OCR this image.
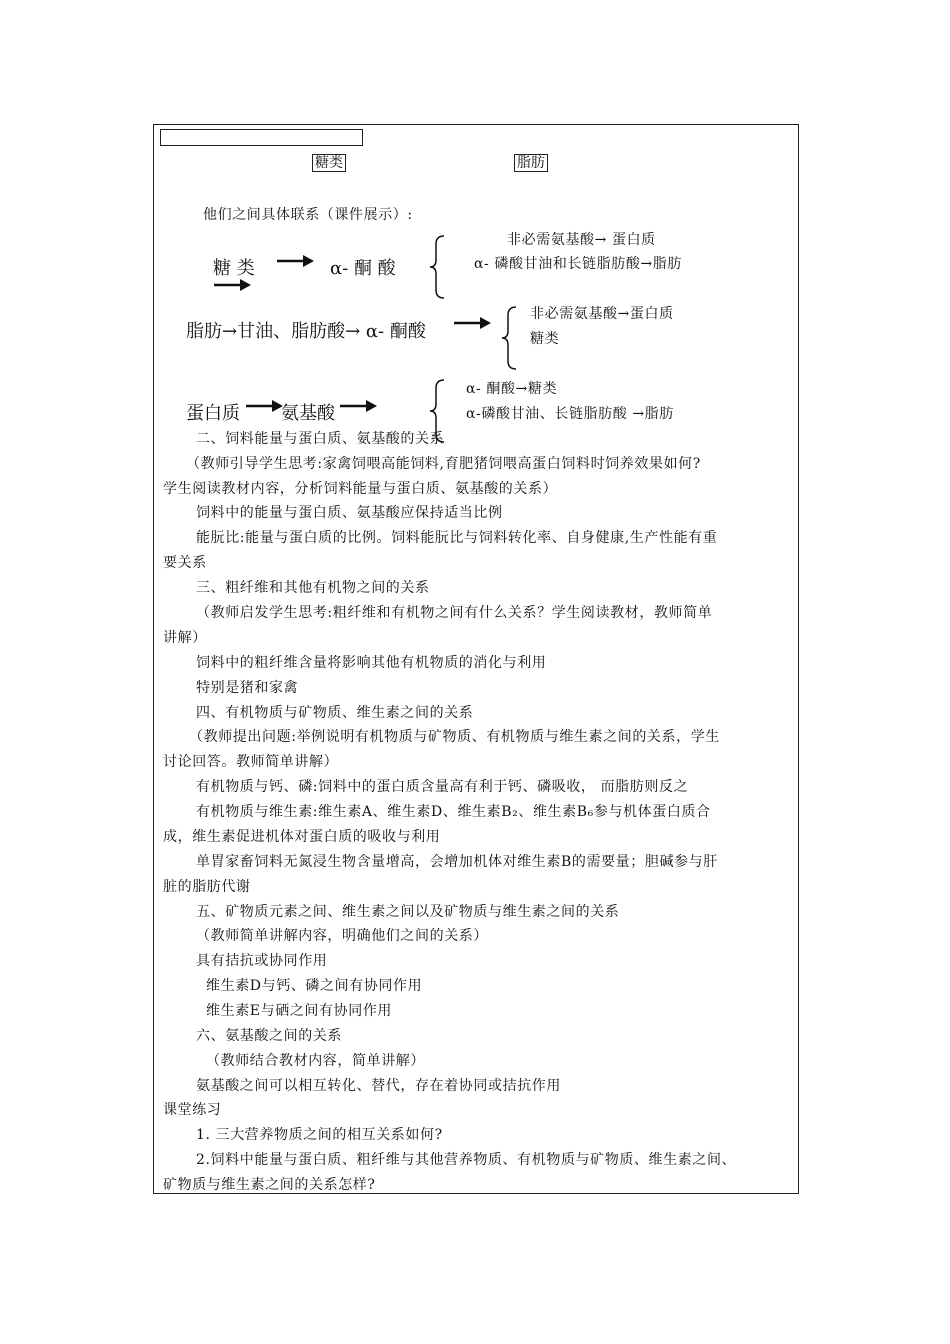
糖类	脂肪
他们之间具体联系（课件展示）:
糖 类	α- 酮 酸
非必需氨基酸→ 蛋白质
α- 磷酸甘油和长链脂肪酸→脂肪
脂肪→甘油、脂肪酸→ α- 酮酸
非必需氨基酸→蛋白质
糖类
蛋白质 氨基酸
α- 酮酸→糖类
α-磷酸甘油、长链脂肪酸 →脂肪
二、饲料能量与蛋白质、氨基酸的关系
（教师引导学生思考:家禽饲喂高能饲料,育肥猪饲喂高蛋白饲料时饲养效果如何?
学生阅读教材内容，分析饲料能量与蛋白质、氨基酸的关系）
饲料中的能量与蛋白质、氨基酸应保持适当比例
能朊比:能量与蛋白质的比例。饲料能朊比与饲料转化率、自身健康,生产性能有重
要关系
三、粗纤维和其他有机物之间的关系
（教师启发学生思考:粗纤维和有机物之间有什么关系？学生阅读教材，教师简单
讲解）
饲料中的粗纤维含量将影响其他有机物质的消化与利用
特别是猪和家禽
四、有机物质与矿物质、维生素之间的关系
（教师提出问题:举例说明有机物质与矿物质、有机物质与维生素之间的关系，学生
讨论回答。教师简单讲解）
有机物质与钙、磷:饲料中的蛋白质含量高有利于钙、磷吸收， 而脂肪则反之
有机物质与维生素:维生素A、维生素D、维生素B₂、维生素B₆参与机体蛋白质合
成，维生素促进机体对蛋白质的吸收与利用
单胃家畜饲料无氮浸生物含量增高，会增加机体对维生素B的需要量；胆碱参与肝
脏的脂肪代谢
五、矿物质元素之间、维生素之间以及矿物质与维生素之间的关系
（教师简单讲解内容，明确他们之间的关系）
具有拮抗或协同作用
维生素D与钙、磷之间有协同作用
维生素E与硒之间有协同作用
六、氨基酸之间的关系
（教师结合教材内容，简单讲解）
氨基酸之间可以相互转化、替代，存在着协同或拮抗作用
课堂练习
1. 三大营养物质之间的相互关系如何?
2.饲料中能量与蛋白质、粗纤维与其他营养物质、有机物质与矿物质、维生素之间、
矿物质与维生素之间的关系怎样?
